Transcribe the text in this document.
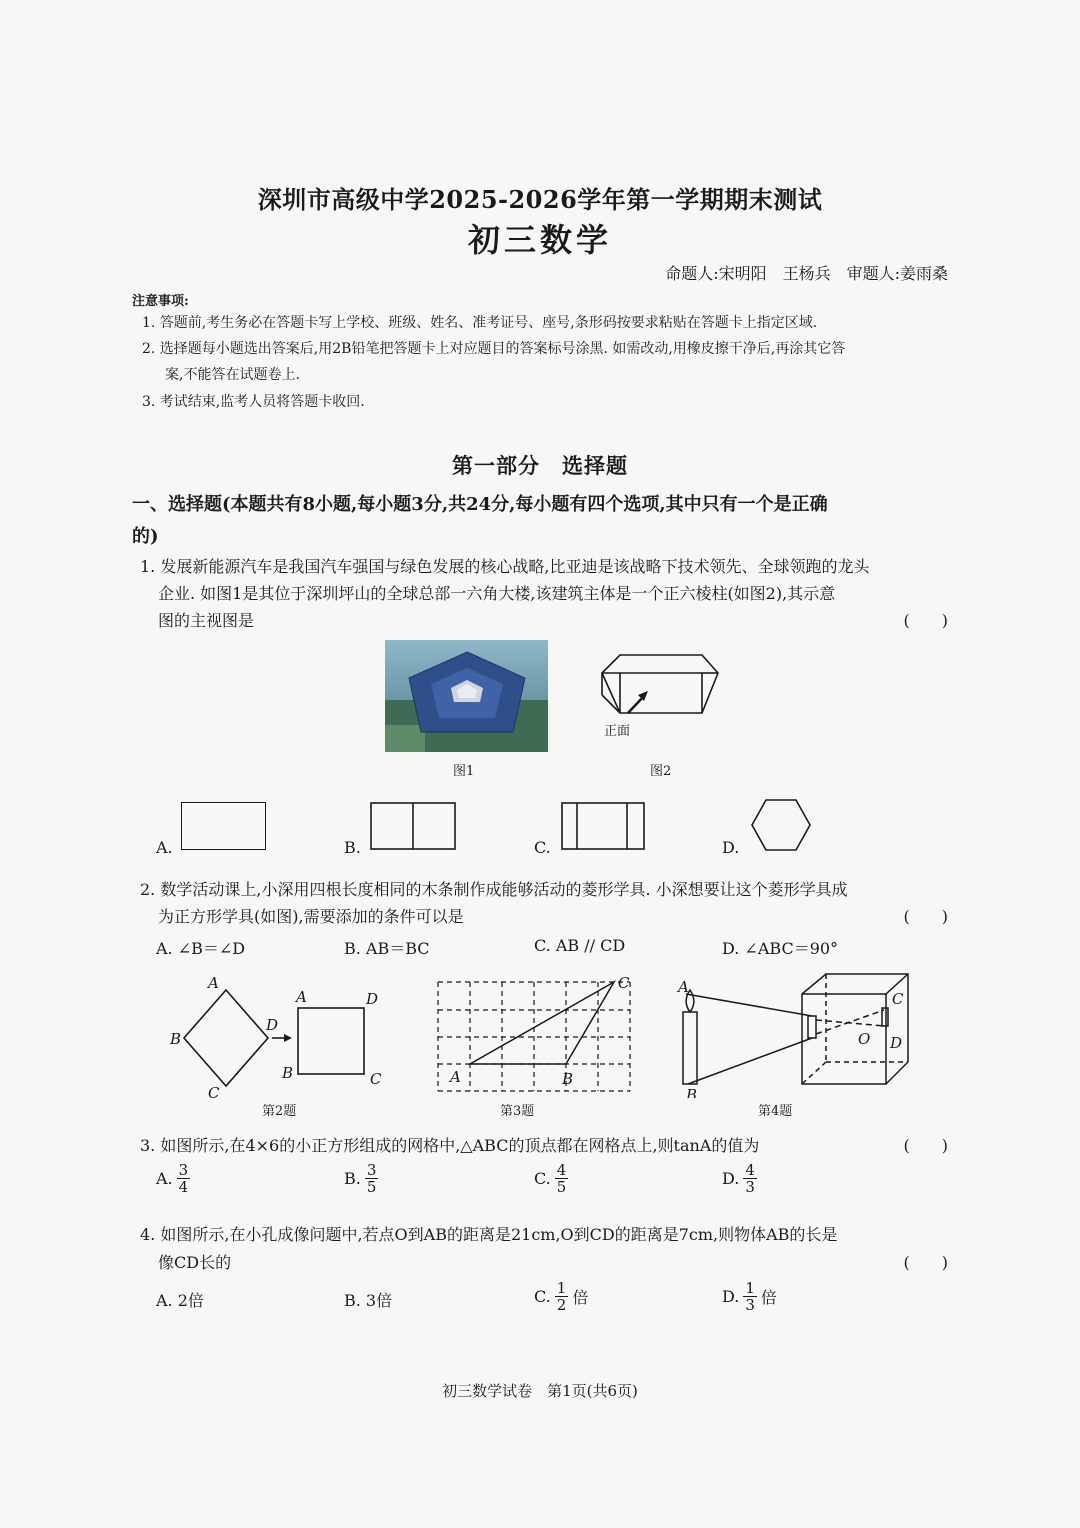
深圳市高级中学2025-2026学年第一学期期末测试
初三数学
命题人:宋明阳　王杨兵　审题人:姜雨桑
注意事项:
1. 答题前,考生务必在答题卡写上学校、班级、姓名、准考证号、座号,条形码按要求粘贴在答题卡上指定区域.
2. 选择题每小题选出答案后,用2B铅笔把答题卡上对应题目的答案标号涂黑. 如需改动,用橡皮擦干净后,再涂其它答
案,不能答在试题卷上.
3. 考试结束,监考人员将答题卡收回.
第一部分　选择题
一、选择题(本题共有8小题,每小题3分,共24分,每小题有四个选项,其中只有一个是正确
的)
1. 发展新能源汽车是我国汽车强国与绿色发展的核心战略,比亚迪是该战略下技术领先、全球领跑的龙头
企业. 如图1是其位于深圳坪山的全球总部一六角大楼,该建筑主体是一个正六棱柱(如图2),其示意
图的主视图是	(　　)
图1
正面
图2
A.	B.	C.	D.
2. 数学活动课上,小深用四根长度相同的木条制作成能够活动的菱形学具. 小深想要让这个菱形学具成
为正方形学具(如图),需要添加的条件可以是	(　　)
A. ∠B＝∠D	B. AB＝BC	C. AB // CD	D. ∠ABC＝90°
A
B
C
D
A	D
B	C
第2题
A	B
C
第3题
A
B
C
D
O
第4题
3. 如图所示,在4×6的小正方形组成的网格中,△ABC的顶点都在网格点上,则tanA的值为	(　　)
A. $\frac{3}{4}$	B. $\frac{3}{5}$	C. $\frac{4}{5}$	D. $\frac{4}{3}$
4. 如图所示,在小孔成像问题中,若点O到AB的距离是21cm,O到CD的距离是7cm,则物体AB的长是
像CD长的	(　　)
A. 2倍	B. 3倍	C. $\frac{1}{2}$ 倍	D. $\frac{1}{3}$ 倍
初三数学试卷　第1页(共6页)
